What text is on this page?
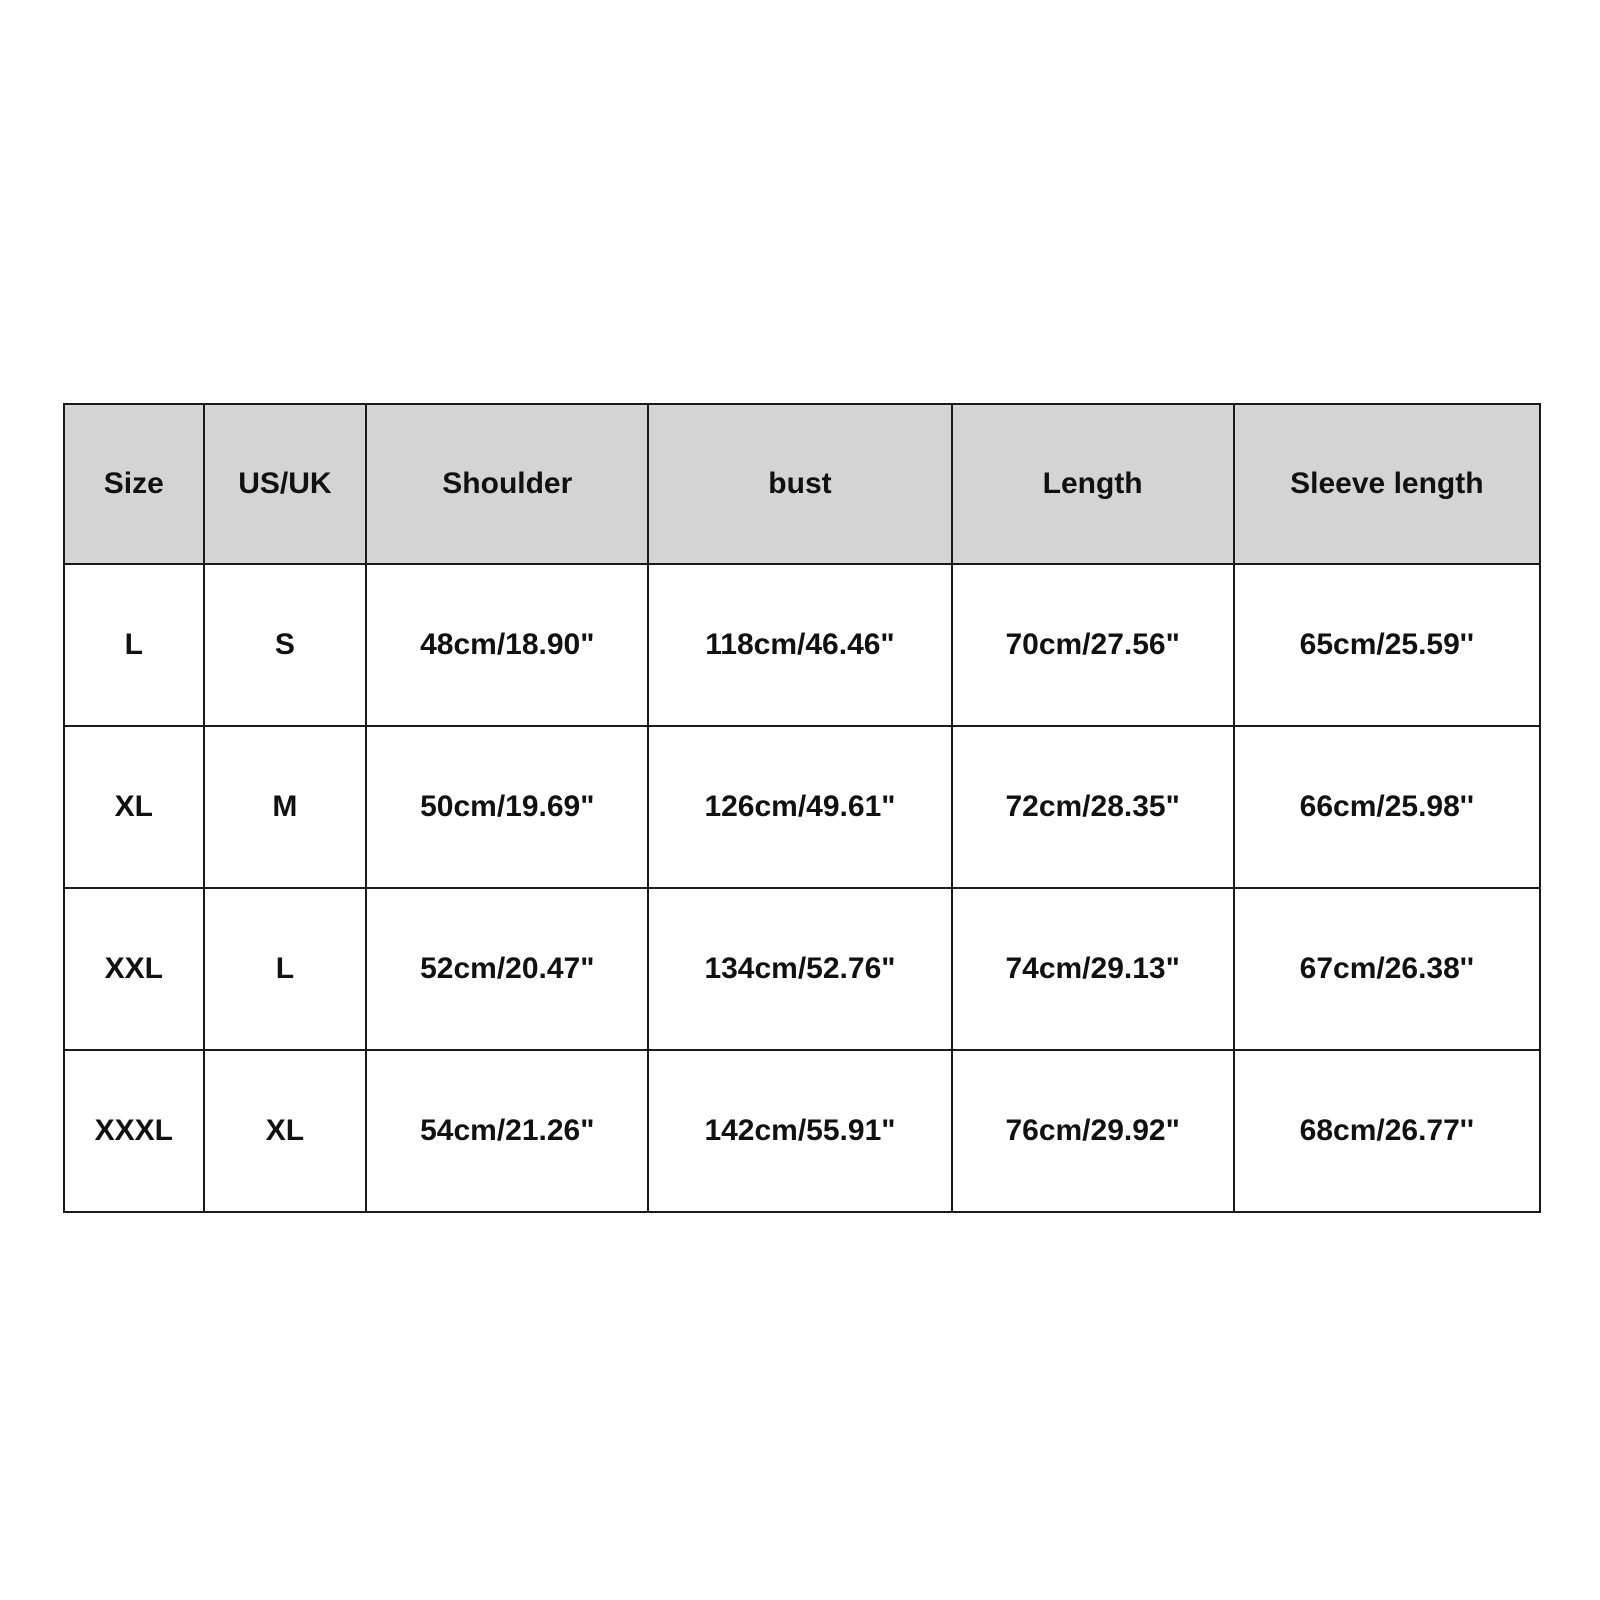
Size	US/UK	Shoulder	bust	Length	Sleeve length
L	S	48cm/18.90"	118cm/46.46"	70cm/27.56"	65cm/25.59''
XL	M	50cm/19.69"	126cm/49.61"	72cm/28.35"	66cm/25.98''
XXL	L	52cm/20.47"	134cm/52.76"	74cm/29.13"	67cm/26.38''
XXXL	XL	54cm/21.26"	142cm/55.91"	76cm/29.92"	68cm/26.77''
